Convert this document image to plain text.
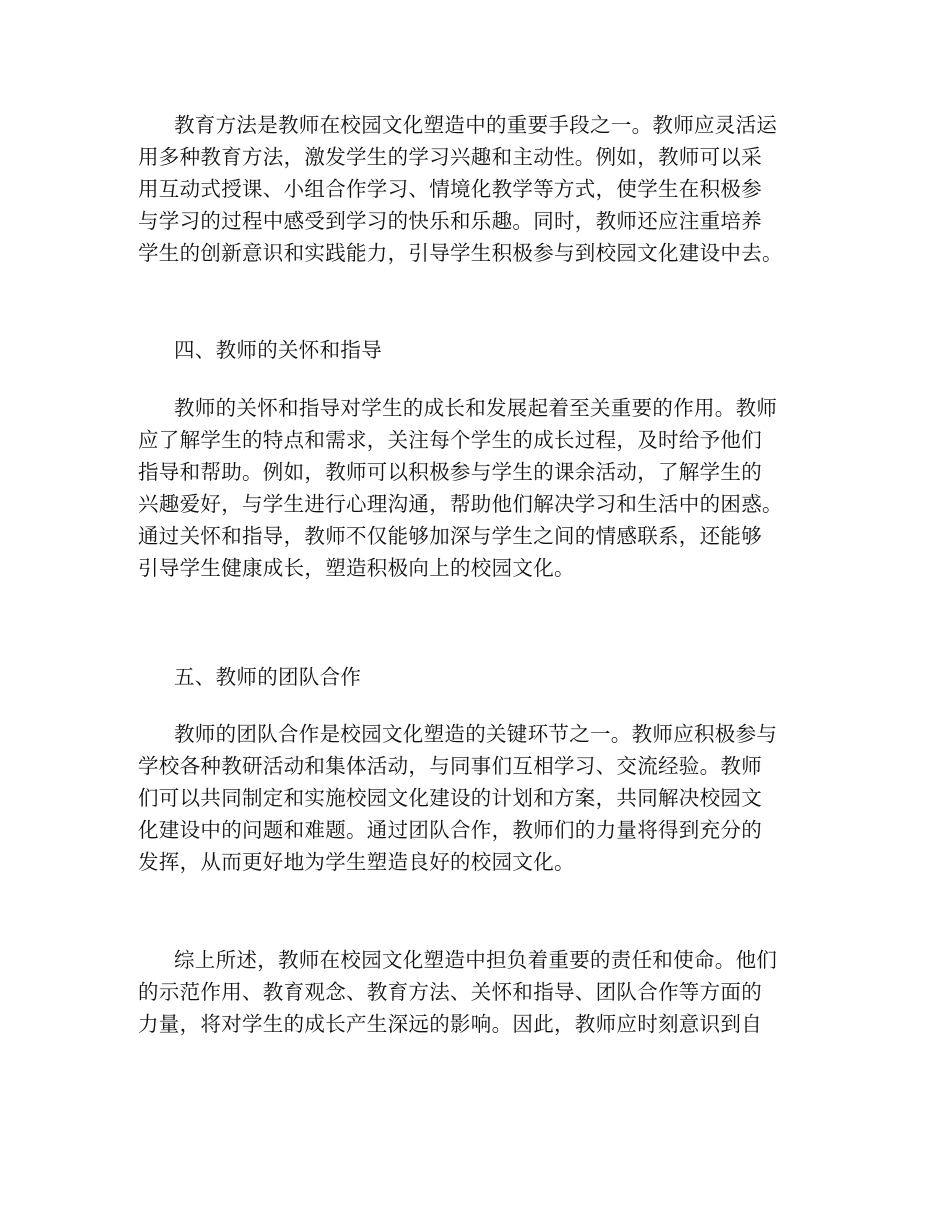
教育方法是教师在校园文化塑造中的重要手段之一。教师应灵活运
用多种教育方法，激发学生的学习兴趣和主动性。例如，教师可以采
用互动式授课、小组合作学习、情境化教学等方式，使学生在积极参
与学习的过程中感受到学习的快乐和乐趣。同时，教师还应注重培养
学生的创新意识和实践能力，引导学生积极参与到校园文化建设中去。
四、教师的关怀和指导
教师的关怀和指导对学生的成长和发展起着至关重要的作用。教师
应了解学生的特点和需求，关注每个学生的成长过程，及时给予他们
指导和帮助。例如，教师可以积极参与学生的课余活动，了解学生的
兴趣爱好，与学生进行心理沟通，帮助他们解决学习和生活中的困惑。
通过关怀和指导，教师不仅能够加深与学生之间的情感联系，还能够
引导学生健康成长，塑造积极向上的校园文化。
五、教师的团队合作
教师的团队合作是校园文化塑造的关键环节之一。教师应积极参与
学校各种教研活动和集体活动，与同事们互相学习、交流经验。教师
们可以共同制定和实施校园文化建设的计划和方案，共同解决校园文
化建设中的问题和难题。通过团队合作，教师们的力量将得到充分的
发挥，从而更好地为学生塑造良好的校园文化。
综上所述，教师在校园文化塑造中担负着重要的责任和使命。他们
的示范作用、教育观念、教育方法、关怀和指导、团队合作等方面的
力量，将对学生的成长产生深远的影响。因此，教师应时刻意识到自
